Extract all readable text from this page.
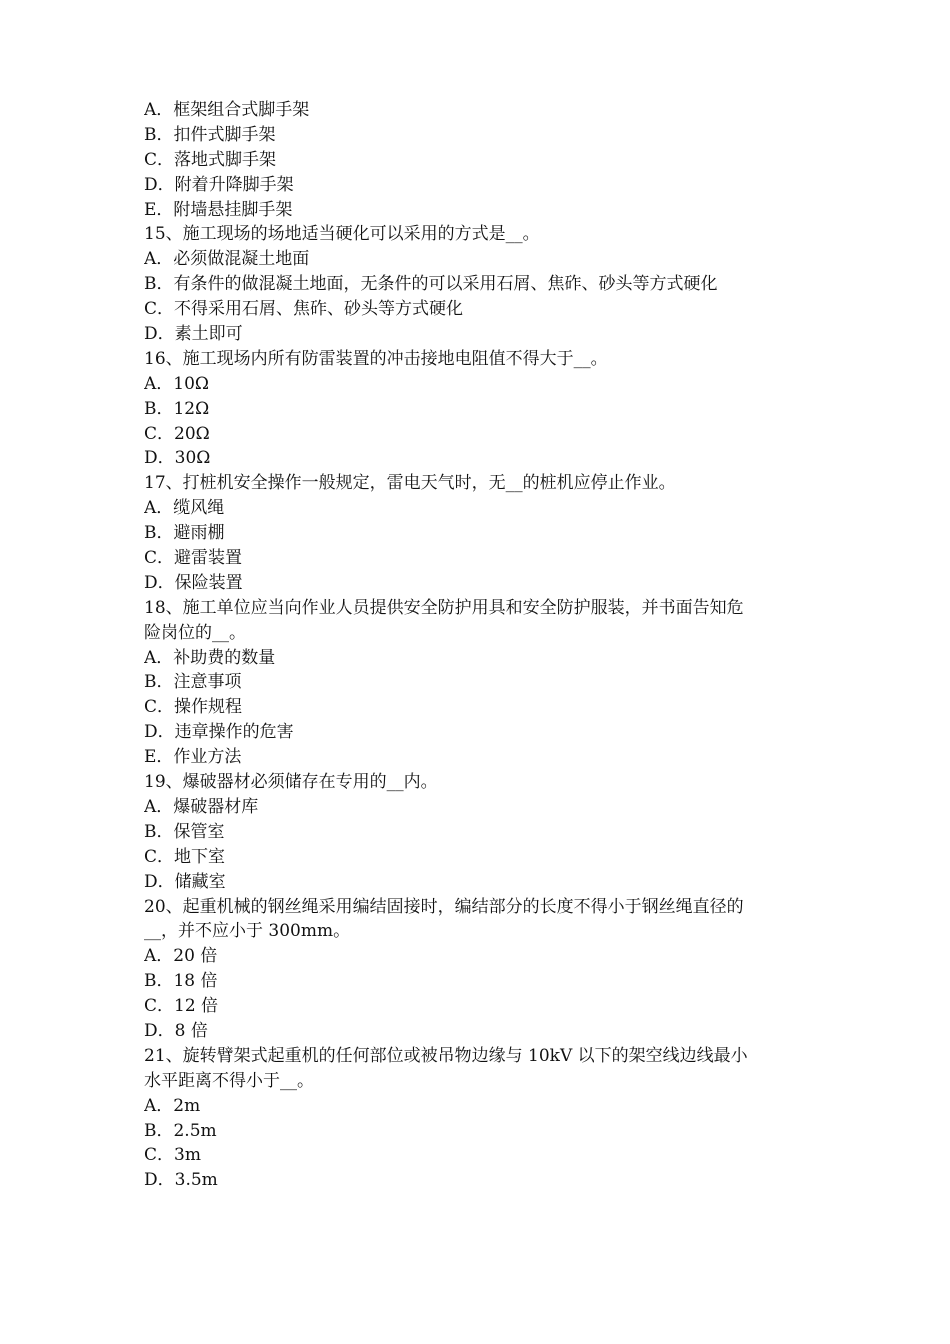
A．框架组合式脚手架
B．扣件式脚手架
C．落地式脚手架
D．附着升降脚手架
E．附墙悬挂脚手架
15、施工现场的场地适当硬化可以采用的方式是__。
A．必须做混凝土地面
B．有条件的做混凝土地面，无条件的可以采用石屑、焦砟、砂头等方式硬化
C．不得采用石屑、焦砟、砂头等方式硬化
D．素土即可
16、施工现场内所有防雷装置的冲击接地电阻值不得大于__。
A．10Ω
B．12Ω
C．20Ω
D．30Ω
17、打桩机安全操作一般规定，雷电天气时，无__的桩机应停止作业。
A．缆风绳
B．避雨棚
C．避雷装置
D．保险装置
18、施工单位应当向作业人员提供安全防护用具和安全防护服装，并书面告知危
险岗位的__。
A．补助费的数量
B．注意事项
C．操作规程
D．违章操作的危害
E．作业方法
19、爆破器材必须储存在专用的__内。
A．爆破器材库
B．保管室
C．地下室
D．储藏室
20、起重机械的钢丝绳采用编结固接时，编结部分的长度不得小于钢丝绳直径的
__，并不应小于 300mm。
A．20 倍
B．18 倍
C．12 倍
D．8 倍
21、旋转臂架式起重机的任何部位或被吊物边缘与 10kV 以下的架空线边线最小
水平距离不得小于__。
A．2m
B．2.5m
C．3m
D．3.5m
